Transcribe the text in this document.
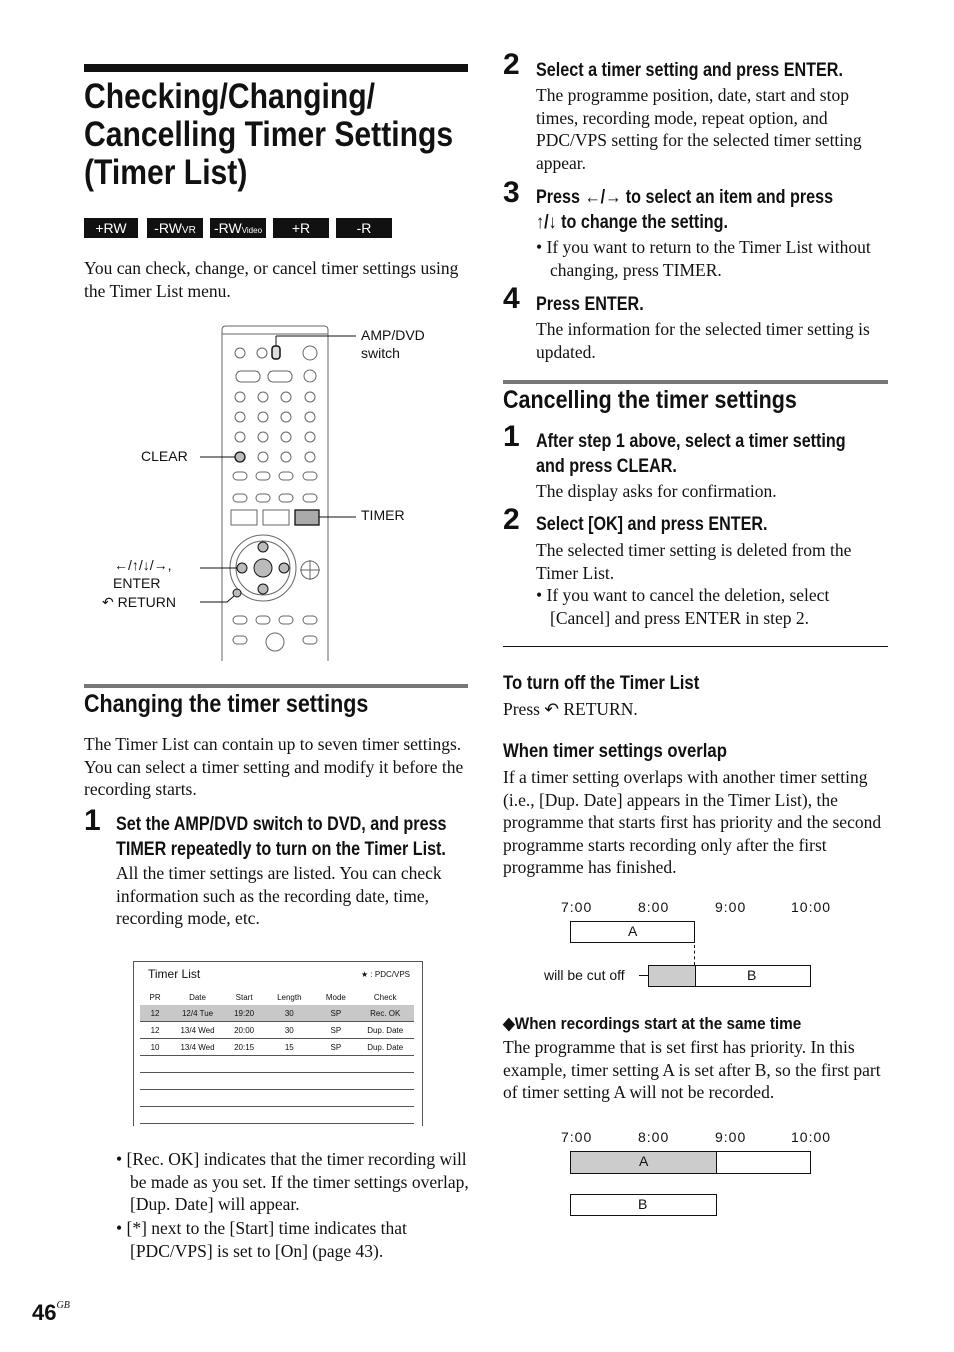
Checking/Changing/
Cancelling Timer Settings
(Timer List)
+RW	-RWVR	-RWVideo	+R	-R
You can check, change, or cancel timer settings using the Timer List menu.
AMP/DVD
switch
CLEAR
TIMER
←/↑/↓/→,
ENTER
↶ RETURN
Changing the timer settings
The Timer List can contain up to seven timer settings. You can select a timer setting and modify it before the recording starts.
1 Set the AMP/DVD switch to DVD, and press
TIMER repeatedly to turn on the Timer List.
All the timer settings are listed. You can check information such as the recording date, time, recording mode, etc.
Timer List	★ : PDC/VPS
PR	Date	Start	Length	Mode	Check
12	12/4 Tue	19:20	30	SP	Rec. OK
12	13/4 Wed	20:00	30	SP	Dup. Date
10	13/4 Wed	20:15	15	SP	Dup. Date

• [Rec. OK] indicates that the timer recording will be made as you set. If the timer settings overlap, [Dup. Date] will appear.
• [*] next to the [Start] time indicates that [PDC/VPS] is set to [On] (page 43).
2 Select a timer setting and press ENTER.
The programme position, date, start and stop times, recording mode, repeat option, and PDC/VPS setting for the selected timer setting appear.
3 Press ←/→ to select an item and press
↑/↓ to change the setting.
• If you want to return to the Timer List without changing, press TIMER.
4 Press ENTER.
The information for the selected timer setting is updated.
Cancelling the timer settings
1 After step 1 above, select a timer setting
and press CLEAR.
The display asks for confirmation.
2 Select [OK] and press ENTER.
The selected timer setting is deleted from the Timer List.
• If you want to cancel the deletion, select [Cancel] and press ENTER in step 2.
To turn off the Timer List
Press ↶ RETURN.
When timer settings overlap
If a timer setting overlaps with another timer setting (i.e., [Dup. Date] appears in the Timer List), the programme that starts first has priority and the second programme starts recording only after the first programme has finished.
7:00	8:00	9:00	10:00
A
will be cut off	B
◆When recordings start at the same time
The programme that is set first has priority. In this example, timer setting A is set after B, so the first part of timer setting A will not be recorded.
7:00	8:00	9:00	10:00
A
B
$46^{GB}$
